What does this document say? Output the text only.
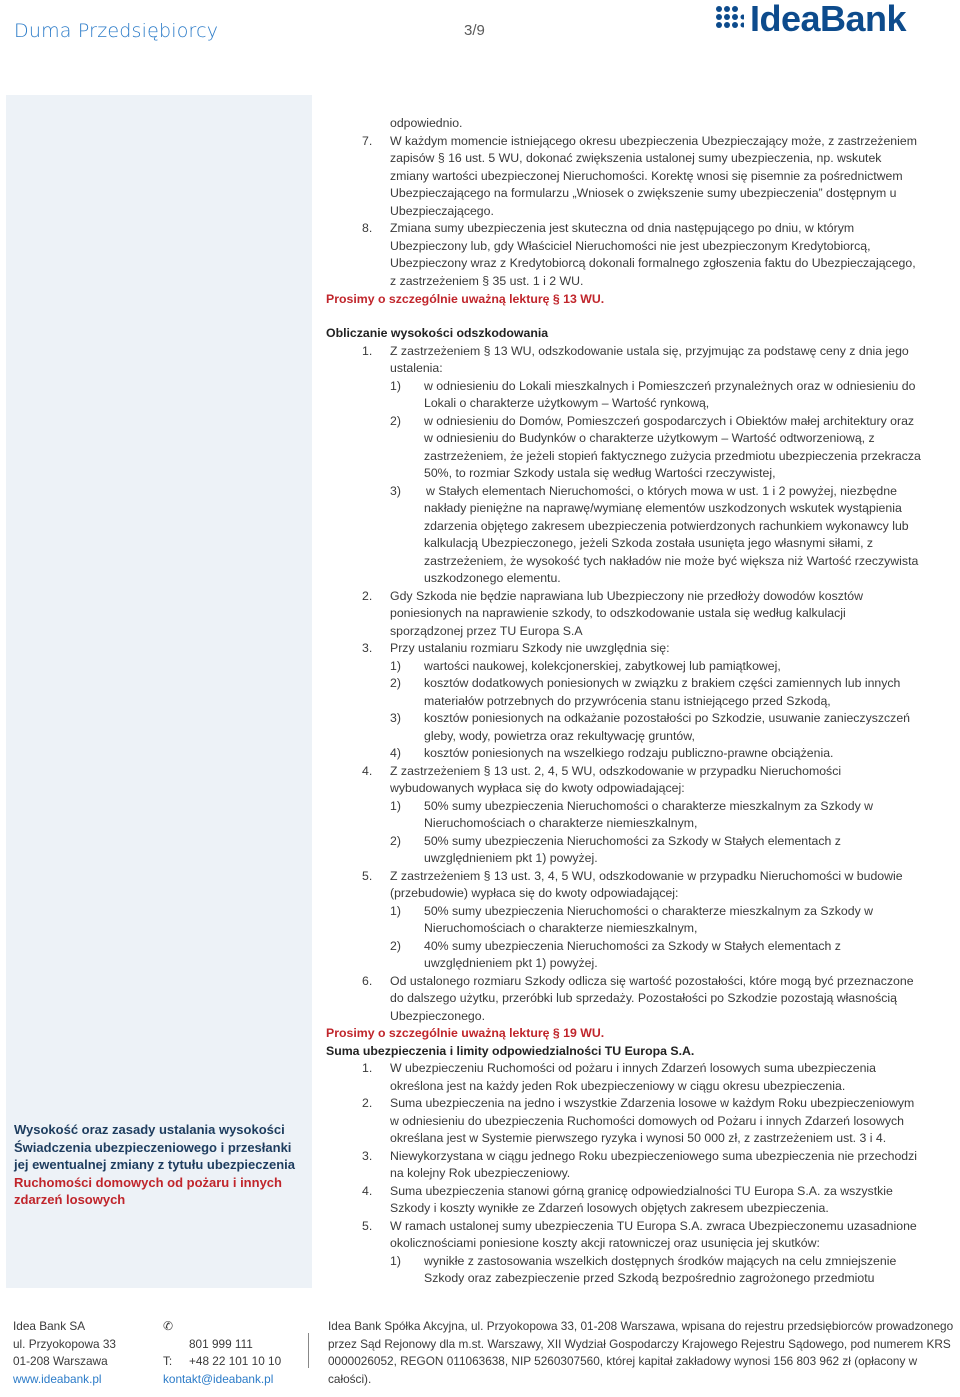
Duma Przedsiębiorcy	3/9	IdeaBank
Wysokość oraz zasady ustalania wysokości
Świadczenia ubezpieczeniowego i przesłanki
jej ewentualnej zmiany z tytułu ubezpieczenia
Ruchomości domowych od pożaru i innych
zdarzeń losowych
odpowiednio.
W każdym momencie istniejącego okresu ubezpieczenia Ubezpieczający może, z zastrzeżeniem
zapisów § 16 ust. 5 WU, dokonać zwiększenia ustalonej sumy ubezpieczenia, np. wskutek
zmiany wartości ubezpieczonej Nieruchomości. Korektę wnosi się pisemnie za pośrednictwem
Ubezpieczającego na formularzu „Wniosek o zwiększenie sumy ubezpieczenia” dostępnym u
Ubezpieczającego.
Zmiana sumy ubezpieczenia jest skuteczna od dnia następującego po dniu, w którym
Ubezpieczony lub, gdy Właściciel Nieruchomości nie jest ubezpieczonym Kredytobiorcą,
Ubezpieczony wraz z Kredytobiorcą dokonali formalnego zgłoszenia faktu do Ubezpieczającego,
z zastrzeżeniem § 35 ust. 1 i 2 WU.
Prosimy o szczególnie uważną lekturę § 13 WU.
Obliczanie wysokości odszkodowania
Z zastrzeżeniem § 13 WU, odszkodowanie ustala się, przyjmując za podstawę ceny z dnia jego
ustalenia:
w odniesieniu do Lokali mieszkalnych i Pomieszczeń przynależnych oraz w odniesieniu do
Lokali o charakterze użytkowym – Wartość rynkową,
w odniesieniu do Domów, Pomieszczeń gospodarczych i Obiektów małej architektury oraz
w odniesieniu do Budynków o charakterze użytkowym – Wartość odtworzeniową, z
zastrzeżeniem, że jeżeli stopień faktycznego zużycia przedmiotu ubezpieczenia przekracza
50%, to rozmiar Szkody ustala się według Wartości rzeczywistej,
w Stałych elementach Nieruchomości, o których mowa w ust. 1 i 2 powyżej, niezbędne
nakłady pieniężne na naprawę/wymianę elementów uszkodzonych wskutek wystąpienia
zdarzenia objętego zakresem ubezpieczenia potwierdzonych rachunkiem wykonawcy lub
kalkulacją Ubezpieczonego, jeżeli Szkoda została usunięta jego własnymi siłami, z
zastrzeżeniem, że wysokość tych nakładów nie może być większa niż Wartość rzeczywista
uszkodzonego elementu.
Gdy Szkoda nie będzie naprawiana lub Ubezpieczony nie przedłoży dowodów kosztów
poniesionych na naprawienie szkody, to odszkodowanie ustala się według kalkulacji
sporządzonej przez TU Europa S.A
Przy ustalaniu rozmiaru Szkody nie uwzględnia się:
wartości naukowej, kolekcjonerskiej, zabytkowej lub pamiątkowej,
kosztów dodatkowych poniesionych w związku z brakiem części zamiennych lub innych
materiałów potrzebnych do przywrócenia stanu istniejącego przed Szkodą,
kosztów poniesionych na odkażanie pozostałości po Szkodzie, usuwanie zanieczyszczeń
gleby, wody, powietrza oraz rekultywację gruntów,
kosztów poniesionych na wszelkiego rodzaju publiczno-prawne obciążenia.
Z zastrzeżeniem § 13 ust. 2, 4, 5 WU, odszkodowanie w przypadku Nieruchomości
wybudowanych wypłaca się do kwoty odpowiadającej:
50% sumy ubezpieczenia Nieruchomości o charakterze mieszkalnym za Szkody w
Nieruchomościach o charakterze niemieszkalnym,
50% sumy ubezpieczenia Nieruchomości za Szkody w Stałych elementach z
uwzględnieniem pkt 1) powyżej.
Z zastrzeżeniem § 13 ust. 3, 4, 5 WU, odszkodowanie w przypadku Nieruchomości w budowie
(przebudowie) wypłaca się do kwoty odpowiadającej:
50% sumy ubezpieczenia Nieruchomości o charakterze mieszkalnym za Szkody w
Nieruchomościach o charakterze niemieszkalnym,
40% sumy ubezpieczenia Nieruchomości za Szkody w Stałych elementach z
uwzględnieniem pkt 1) powyżej.
Od ustalonego rozmiaru Szkody odlicza się wartość pozostałości, które mogą być przeznaczone
do dalszego użytku, przeróbki lub sprzedaży. Pozostałości po Szkodzie pozostają własnością
Ubezpieczonego.
Prosimy o szczególnie uważną lekturę § 19 WU.
Suma ubezpieczenia i limity odpowiedzialności TU Europa S.A.
W ubezpieczeniu Ruchomości od pożaru i innych Zdarzeń losowych suma ubezpieczenia
określona jest na każdy jeden Rok ubezpieczeniowy w ciągu okresu ubezpieczenia.
Suma ubezpieczenia na jedno i wszystkie Zdarzenia losowe w każdym Roku ubezpieczeniowym
w odniesieniu do ubezpieczenia Ruchomości domowych od Pożaru i innych Zdarzeń losowych
określana jest w Systemie pierwszego ryzyka i wynosi 50 000 zł, z zastrzeżeniem ust. 3 i 4.
Niewykorzystana w ciągu jednego Roku ubezpieczeniowego suma ubezpieczenia nie przechodzi
na kolejny Rok ubezpieczeniowy.
Suma ubezpieczenia stanowi górną granicę odpowiedzialności TU Europa S.A. za wszystkie
Szkody i koszty wynikłe ze Zdarzeń losowych objętych zakresem ubezpieczenia.
W ramach ustalonej sumy ubezpieczenia TU Europa S.A. zwraca Ubezpieczonemu uzasadnione
okolicznościami poniesione koszty akcji ratowniczej oraz usunięcia jej skutków:
wynikłe z zastosowania wszelkich dostępnych środków mających na celu zmniejszenie
Szkody oraz zabezpieczenie przed Szkodą bezpośrednio zagrożonego przedmiotu
7.
8.
1.
1)
2)
3)
2.
3.
1)
2)
3)
4)
4.
1)
2)
5.
1)
2)
6.
1.
2.
3.
4.
5.
1)
Idea Bank SA
ul. Przyokopowa 33
01-208 Warszawa
www.ideabank.pl
✆

T:

801 999 111
+48 22 101 10 10
kontakt@ideabank.pl
Idea Bank Spółka Akcyjna, ul. Przyokopowa 33, 01-208 Warszawa, wpisana do rejestru przedsiębiorców prowadzonego
przez Sąd Rejonowy dla m.st. Warszawy, XII Wydział Gospodarczy Krajowego Rejestru Sądowego, pod numerem KRS
0000026052, REGON 011063638, NIP 5260307560, której kapitał zakładowy wynosi 156 803 962 zł (opłacony w
całości).
